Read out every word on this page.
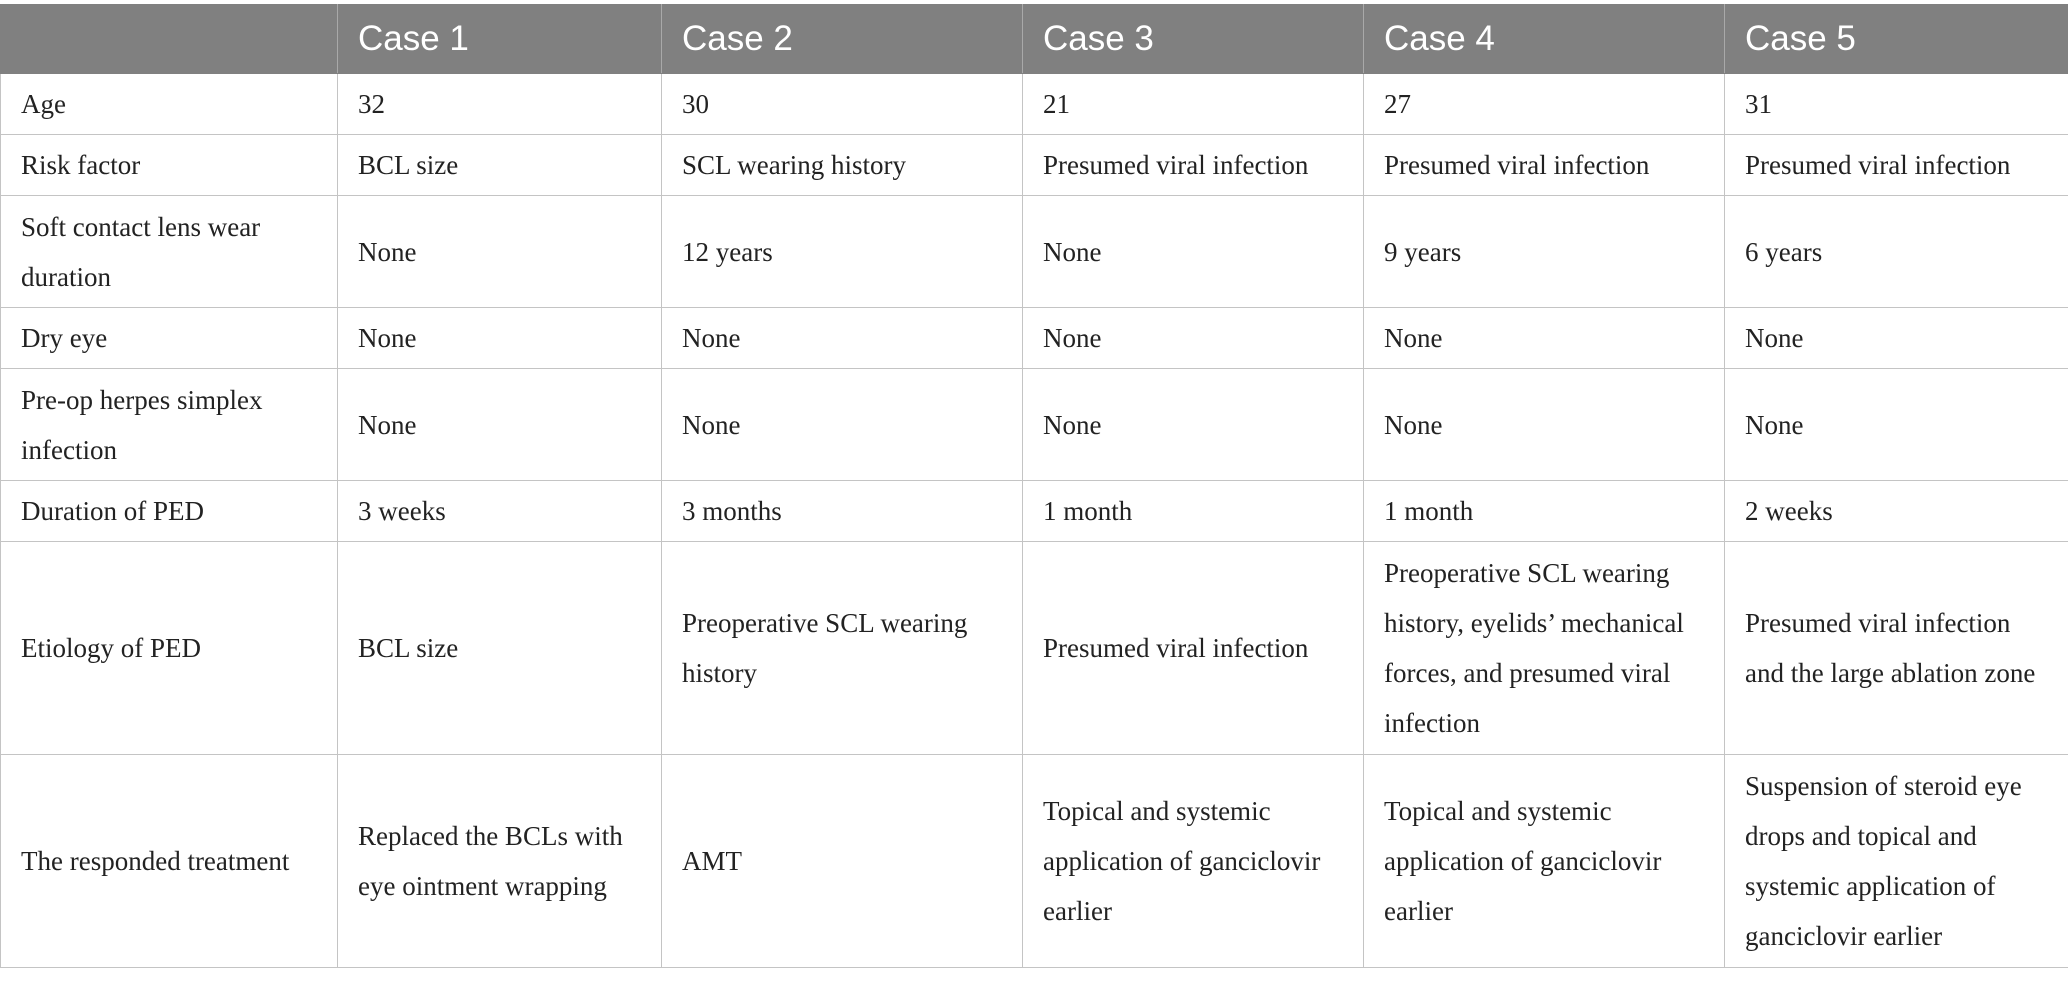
	Case 1	Case 2	Case 3	Case 4	Case 5
Age	32	30	21	27	31
Risk factor	BCL size	SCL wearing history	Presumed viral infection	Presumed viral infection	Presumed viral infection
Soft contact lens wear duration	None	12 years	None	9 years	6 years
Dry eye	None	None	None	None	None
Pre-op herpes simplex infection	None	None	None	None	None
Duration of PED	3 weeks	3 months	1 month	1 month	2 weeks
Etiology of PED	BCL size	Preoperative SCL wearing history	Presumed viral infection	Preoperative SCL wearing history, eyelids’ mechanical forces, and presumed viral infection	Presumed viral infection and the large ablation zone
The responded treatment	Replaced the BCLs with eye ointment wrapping	AMT	Topical and systemic application of ganciclovir earlier	Topical and systemic application of ganciclovir earlier	Suspension of steroid eye drops and topical and systemic application of ganciclovir earlier
